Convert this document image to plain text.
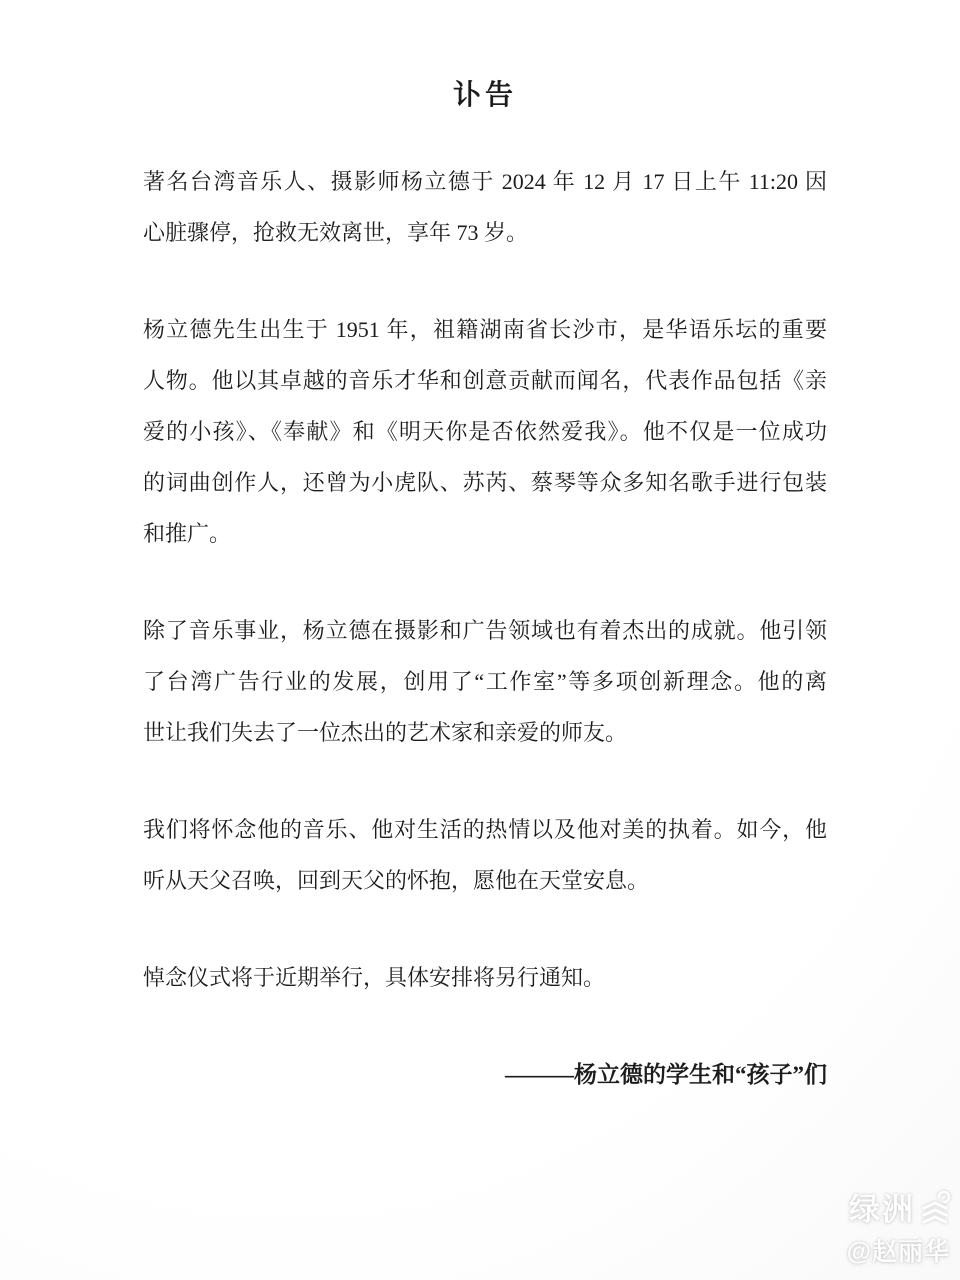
讣告
著名台湾音乐人、摄影师杨立德于 2024 年 12 月 17 日上午 11:20 因
心脏骤停，抢救无效离世，享年 73 岁。
杨立德先生出生于 1951 年，祖籍湖南省长沙市，是华语乐坛的重要
人物。他以其卓越的音乐才华和创意贡献而闻名，代表作品包括《亲
爱的小孩》、《奉献》和《明天你是否依然爱我》。他不仅是一位成功
的词曲创作人，还曾为小虎队、苏芮、蔡琴等众多知名歌手进行包装
和推广。
除了音乐事业，杨立德在摄影和广告领域也有着杰出的成就。他引领
了台湾广告行业的发展，创用了“工作室”等多项创新理念。他的离
世让我们失去了一位杰出的艺术家和亲爱的师友。
我们将怀念他的音乐、他对生活的热情以及他对美的执着。如今，他
听从天父召唤，回到天父的怀抱，愿他在天堂安息。
悼念仪式将于近期举行，具体安排将另行通知。
———杨立德的学生和“孩子”们
绿洲
@赵丽华
